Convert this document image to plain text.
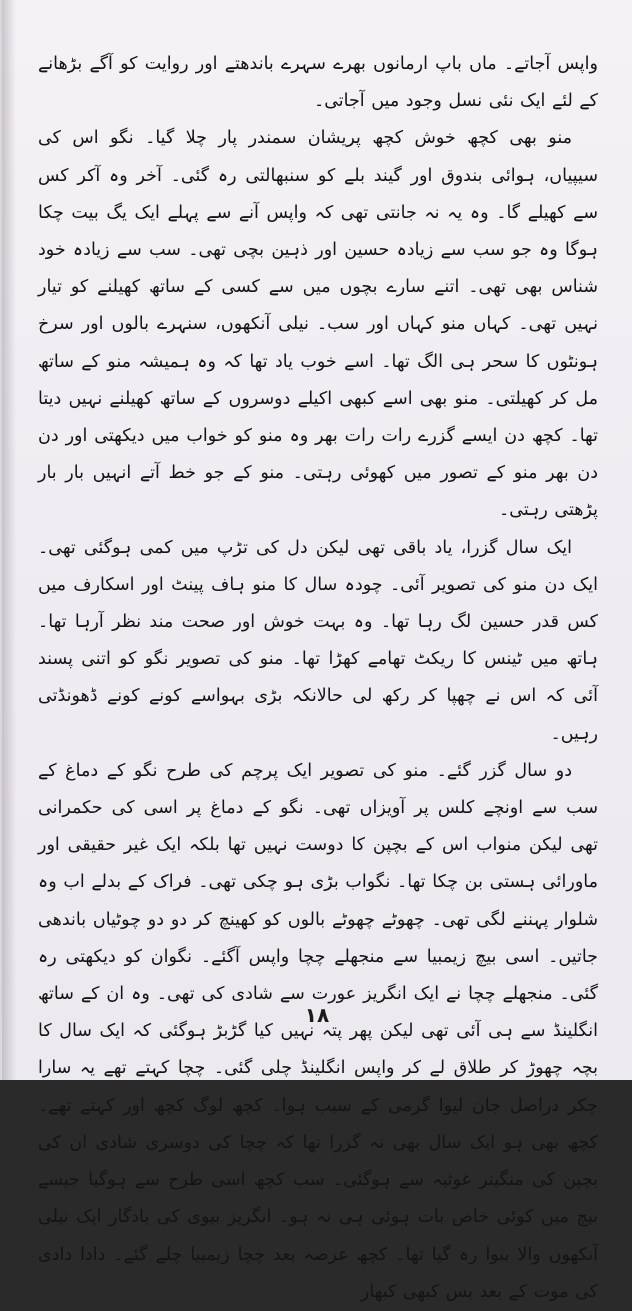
واپس آجاتے۔ ماں باپ ارمانوں بھرے سہرے باندھتے اور روایت کو آگے بڑھانے کے لئے ایک نئی نسل وجود میں آجاتی۔

منو بھی کچھ خوش کچھ پریشان سمندر پار چلا گیا۔ نگو اس کی سیپیاں، ہوائی بندوق اور گیند بلے کو سنبھالتی رہ گئی۔ آخر وہ آکر کس سے کھیلے گا۔ وہ یہ نہ جانتی تھی کہ واپس آنے سے پہلے ایک یگ بیت چکا ہوگا وہ جو سب سے زیادہ حسین اور ذہین بچی تھی۔ سب سے زیادہ خود شناس بھی تھی۔ اتنے سارے بچوں میں سے کسی کے ساتھ کھیلنے کو تیار نہیں تھی۔ کہاں منو کہاں اور سب۔ نیلی آنکھوں، سنہرے بالوں اور سرخ ہونٹوں کا سحر ہی الگ تھا۔ اسے خوب یاد تھا کہ وہ ہمیشہ منو کے ساتھ مل کر کھیلتی۔ منو بھی اسے کبھی اکیلے دوسروں کے ساتھ کھیلنے نہیں دیتا تھا۔ کچھ دن ایسے گزرے رات رات بھر وہ منو کو خواب میں دیکھتی اور دن دن بھر منو کے تصور میں کھوئی رہتی۔ منو کے جو خط آتے انہیں بار بار پڑھتی رہتی۔

ایک سال گزرا، یاد باقی تھی لیکن دل کی تڑپ میں کمی ہوگئی تھی۔ ایک دن منو کی تصویر آئی۔ چودہ سال کا منو ہاف پینٹ اور اسکارف میں کس قدر حسین لگ رہا تھا۔ وہ بہت خوش اور صحت مند نظر آرہا تھا۔ ہاتھ میں ٹینس کا ریکٹ تھامے کھڑا تھا۔ منو کی تصویر نگو کو اتنی پسند آئی کہ اس نے چھپا کر رکھ لی حالانکہ بڑی بہواسے کونے کونے ڈھونڈتی رہیں۔

دو سال گزر گئے۔ منو کی تصویر ایک پرچم کی طرح نگو کے دماغ کے سب سے اونچے کلس پر آویزاں تھی۔ نگو کے دماغ پر اسی کی حکمرانی تھی لیکن منواب اس کے بچپن کا دوست نہیں تھا بلکہ ایک غیر حقیقی اور ماورائی ہستی بن چکا تھا۔ نگواب بڑی ہو چکی تھی۔ فراک کے بدلے اب وہ شلوار پہننے لگی تھی۔ چھوٹے چھوٹے بالوں کو کھینچ کر دو دو چوٹیاں باندھی جاتیں۔ اسی بیچ زیمبیا سے منجھلے چچا واپس آگئے۔ نگوان کو دیکھتی رہ گئی۔ منجھلے چچا نے ایک انگریز عورت سے شادی کی تھی۔ وہ ان کے ساتھ انگلینڈ سے ہی آئی تھی لیکن پھر پتہ نہیں کیا گڑبڑ ہوگئی کہ ایک سال کا بچہ چھوڑ کر طلاق لے کر واپس انگلینڈ چلی گئی۔ چچا کہتے تھے یہ سارا چکر دراصل جان لیوا گرمی کے سبب ہوا۔ کچھ لوگ کچھ اور کہتے تھے۔ کچھ بھی ہو ایک سال بھی نہ گزرا تھا کہ چچا کی دوسری شادی ان کی بچپن کی منگیتر غوثیہ سے ہوگئی۔ سب کچھ اسی طرح سے ہوگیا جیسے بیچ میں کوئی خاص بات ہوئی ہی نہ ہو۔ انگریز بیوی کی یادگار ایک نیلی آنکھوں والا ببوا رہ گیا تھا۔ کچھ عرصہ بعد چچا زیمبیا چلے گئے۔ دادا دادی کی موت کے بعد بس کبھی کبھار

١٨
